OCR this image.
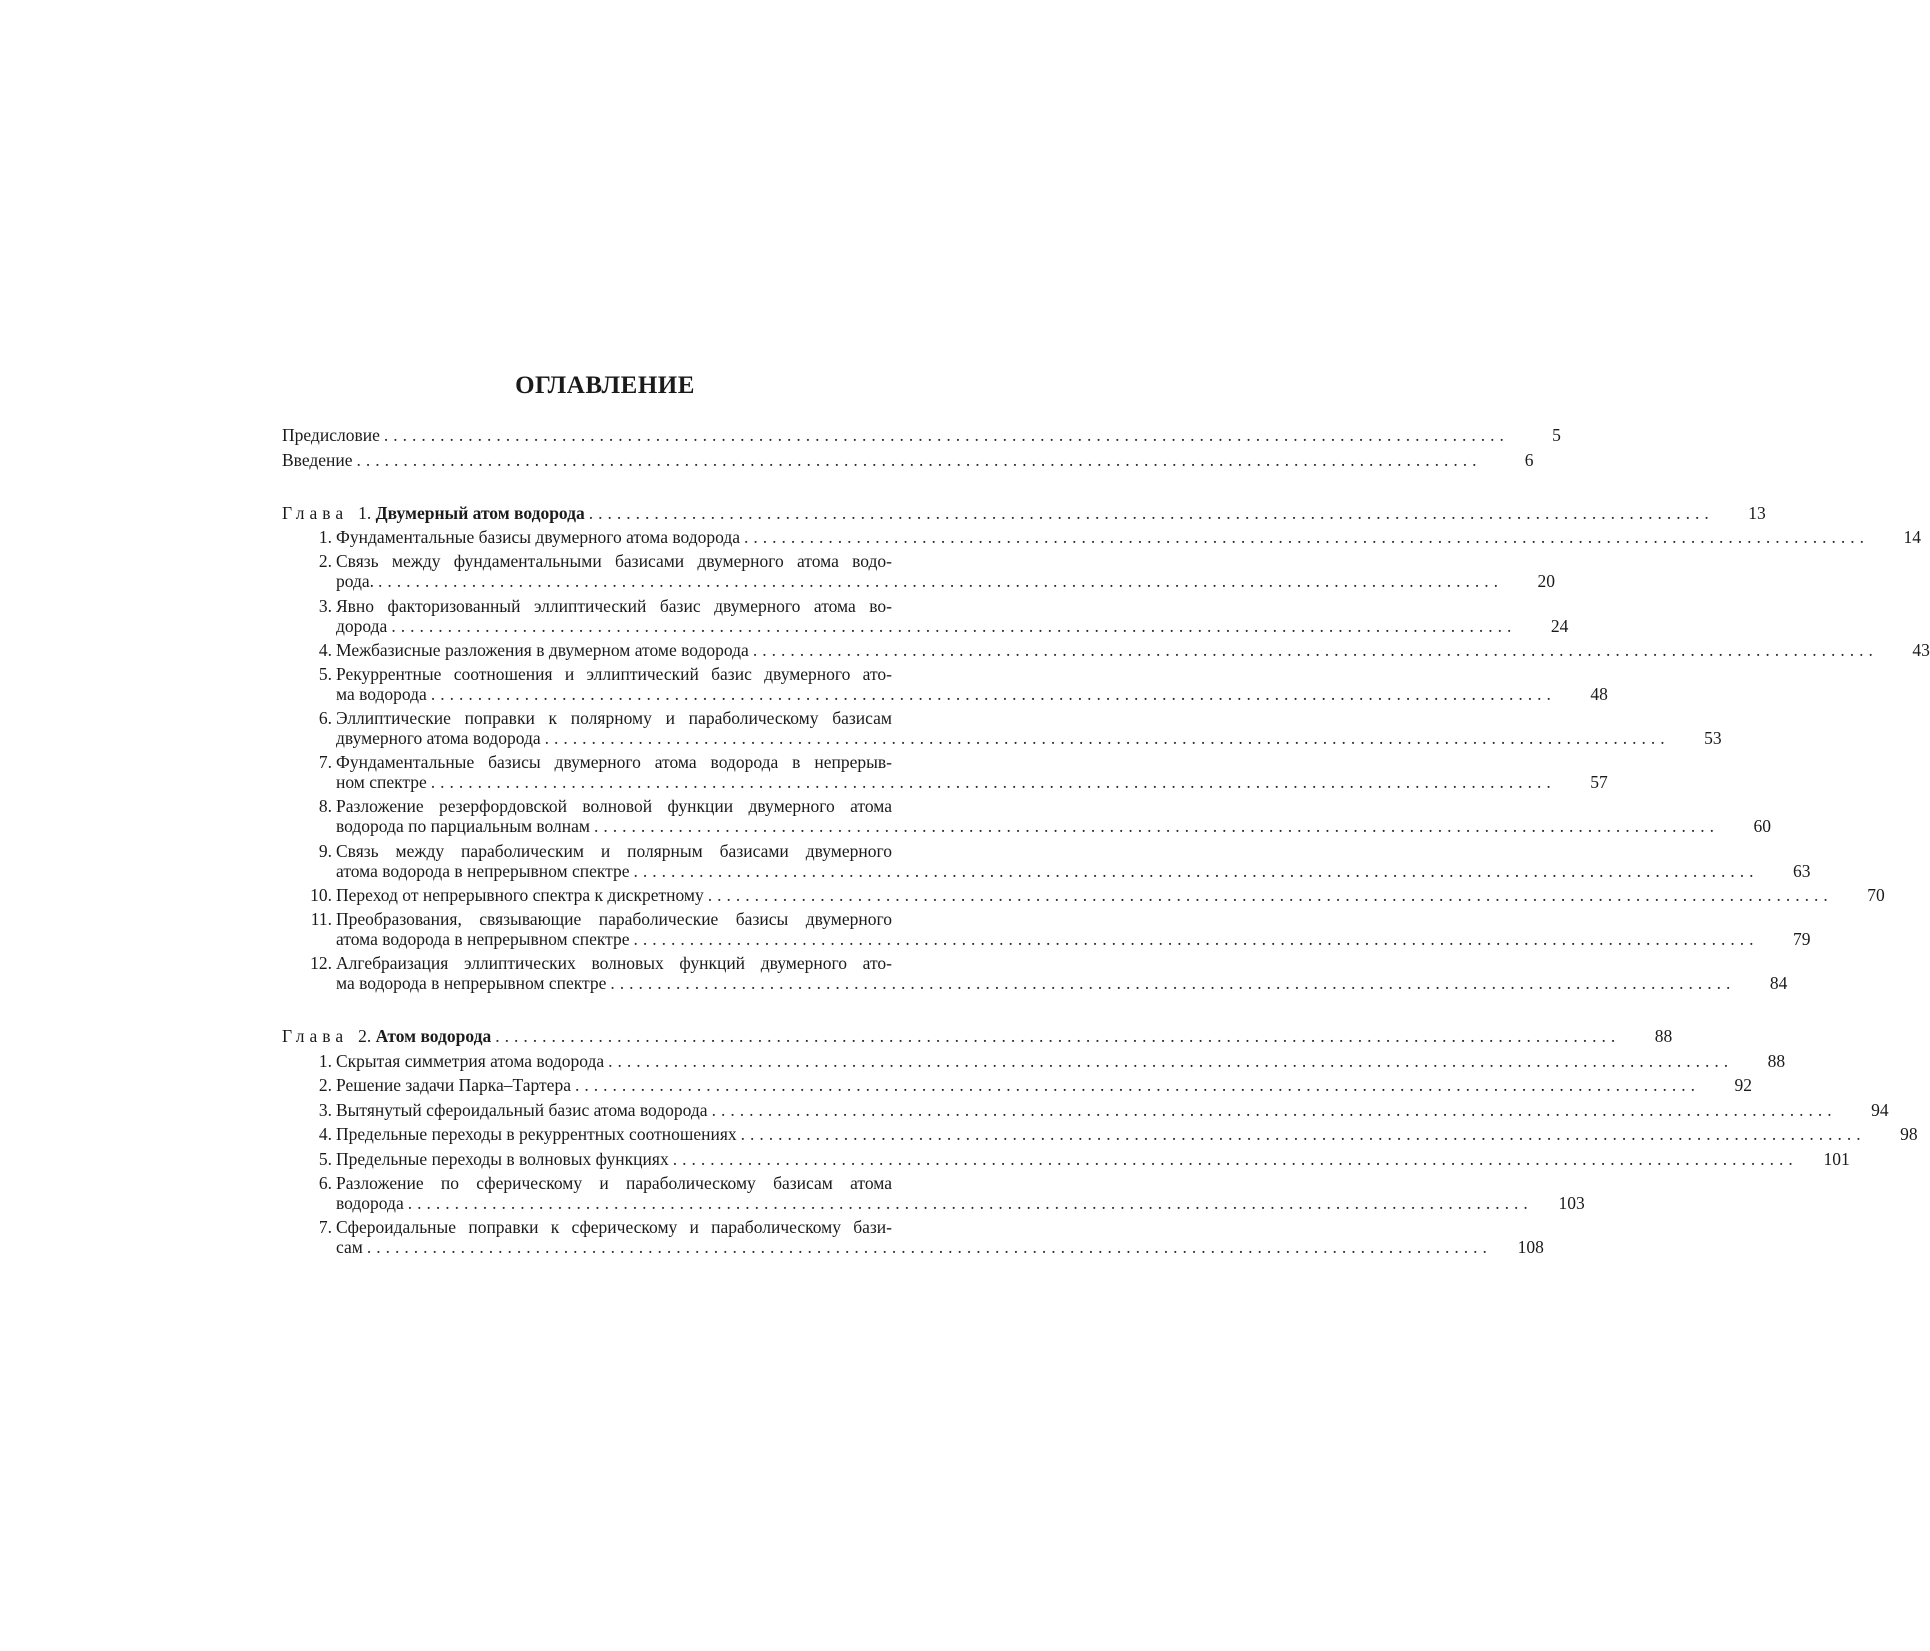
ОГЛАВЛЕНИЕ
Предисловие ........................................................................................................................	5
Введение ........................................................................................................................	6
Глава 1.
Двумерный атом водорода ........................................................................................................................	13
1. Фундаментальные базисы двумерного атома водорода ........................................................................................................................	14
2. Связь между фундаментальными базисами двумерного атома водо-
рода. ........................................................................................................................	20
3. Явно факторизованный эллиптический базис двумерного атома во-
дорода ........................................................................................................................	24
4. Межбазисные разложения в двумерном атоме водорода ........................................................................................................................	43
5. Рекуррентные соотношения и эллиптический базис двумерного ато-
ма водорода ........................................................................................................................	48
6. Эллиптические поправки к полярному и параболическому базисам
двумерного атома водорода ........................................................................................................................	53
7. Фундаментальные базисы двумерного атома водорода в непрерыв-
ном спектре ........................................................................................................................	57
8. Разложение резерфордовской волновой функции двумерного атома
водорода по парциальным волнам ........................................................................................................................	60
9. Связь между параболическим и полярным базисами двумерного
атома водорода в непрерывном спектре ........................................................................................................................	63
10. Переход от непрерывного спектра к дискретному ........................................................................................................................	70
11. Преобразования, связывающие параболические базисы двумерного
атома водорода в непрерывном спектре ........................................................................................................................	79
12. Алгебраизация эллиптических волновых функций двумерного ато-
ма водорода в непрерывном спектре ........................................................................................................................	84
Глава 2.
Атом водорода ........................................................................................................................	88
1. Скрытая симметрия атома водорода ........................................................................................................................	88
2. Решение задачи Парка–Тартера ........................................................................................................................	92
3. Вытянутый сфероидальный базис атома водорода ........................................................................................................................	94
4. Предельные переходы в рекуррентных соотношениях ........................................................................................................................	98
5. Предельные переходы в волновых функциях ........................................................................................................................	101
6. Разложение по сферическому и параболическому базисам атома
водорода ........................................................................................................................	103
7. Сфероидальные поправки к сферическому и параболическому бази-
сам ........................................................................................................................	108
